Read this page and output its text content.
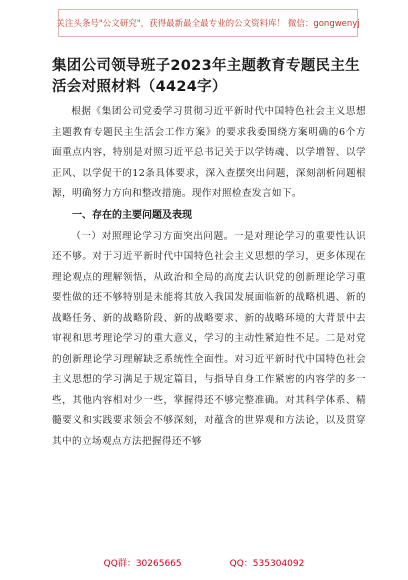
关注头条号"公文研究"，获得最新最全最专业的公文资料库！ 微信：gongwenyj
集团公司领导班子2023年主题教育专题民主生活会对照材料（4424字）

根据《集团公司党委学习贯彻习近平新时代中国特色社会主义思想主题教育专题民主生活会工作方案》的要求我委围绕方案明确的6个方面重点内容，特别是对照习近平总书记关于以学铸魂、以学增智、以学正风、以学促干的12条具体要求，深入查摆突出问题，深刻剖析问题根源，明确努力方向和整改措施。现作对照检查发言如下。

一、存在的主要问题及表现

（一）对照理论学习方面突出问题。一是对理论学习的重要性认识还不够。对于习近平新时代中国特色社会主义思想的学习，更多体现在理论观点的理解领悟，从政治和全局的高度去认识党的创新理论学习重要性做的还不够特别是未能将其放入我国发展面临新的战略机遇、新的战略任务、新的战略阶段、新的战略要求、新的战略环境的大背景中去审视和思考理论学习的重大意义，学习的主动性紧迫性不足。二是对党的创新理论学习理解缺乏系统性全面性。对习近平新时代中国特色社会主义思想的学习满足于规定篇目，与指导自身工作紧密的内容学的多一些，其他内容相对少一些，掌握得还不够完整准确。对其科学体系、精髓要义和实践要求领会不够深刻，对蕴含的世界观和方法论，以及贯穿其中的立场观点方法把握得还不够

QQ群：30265665	QQ：535304092
